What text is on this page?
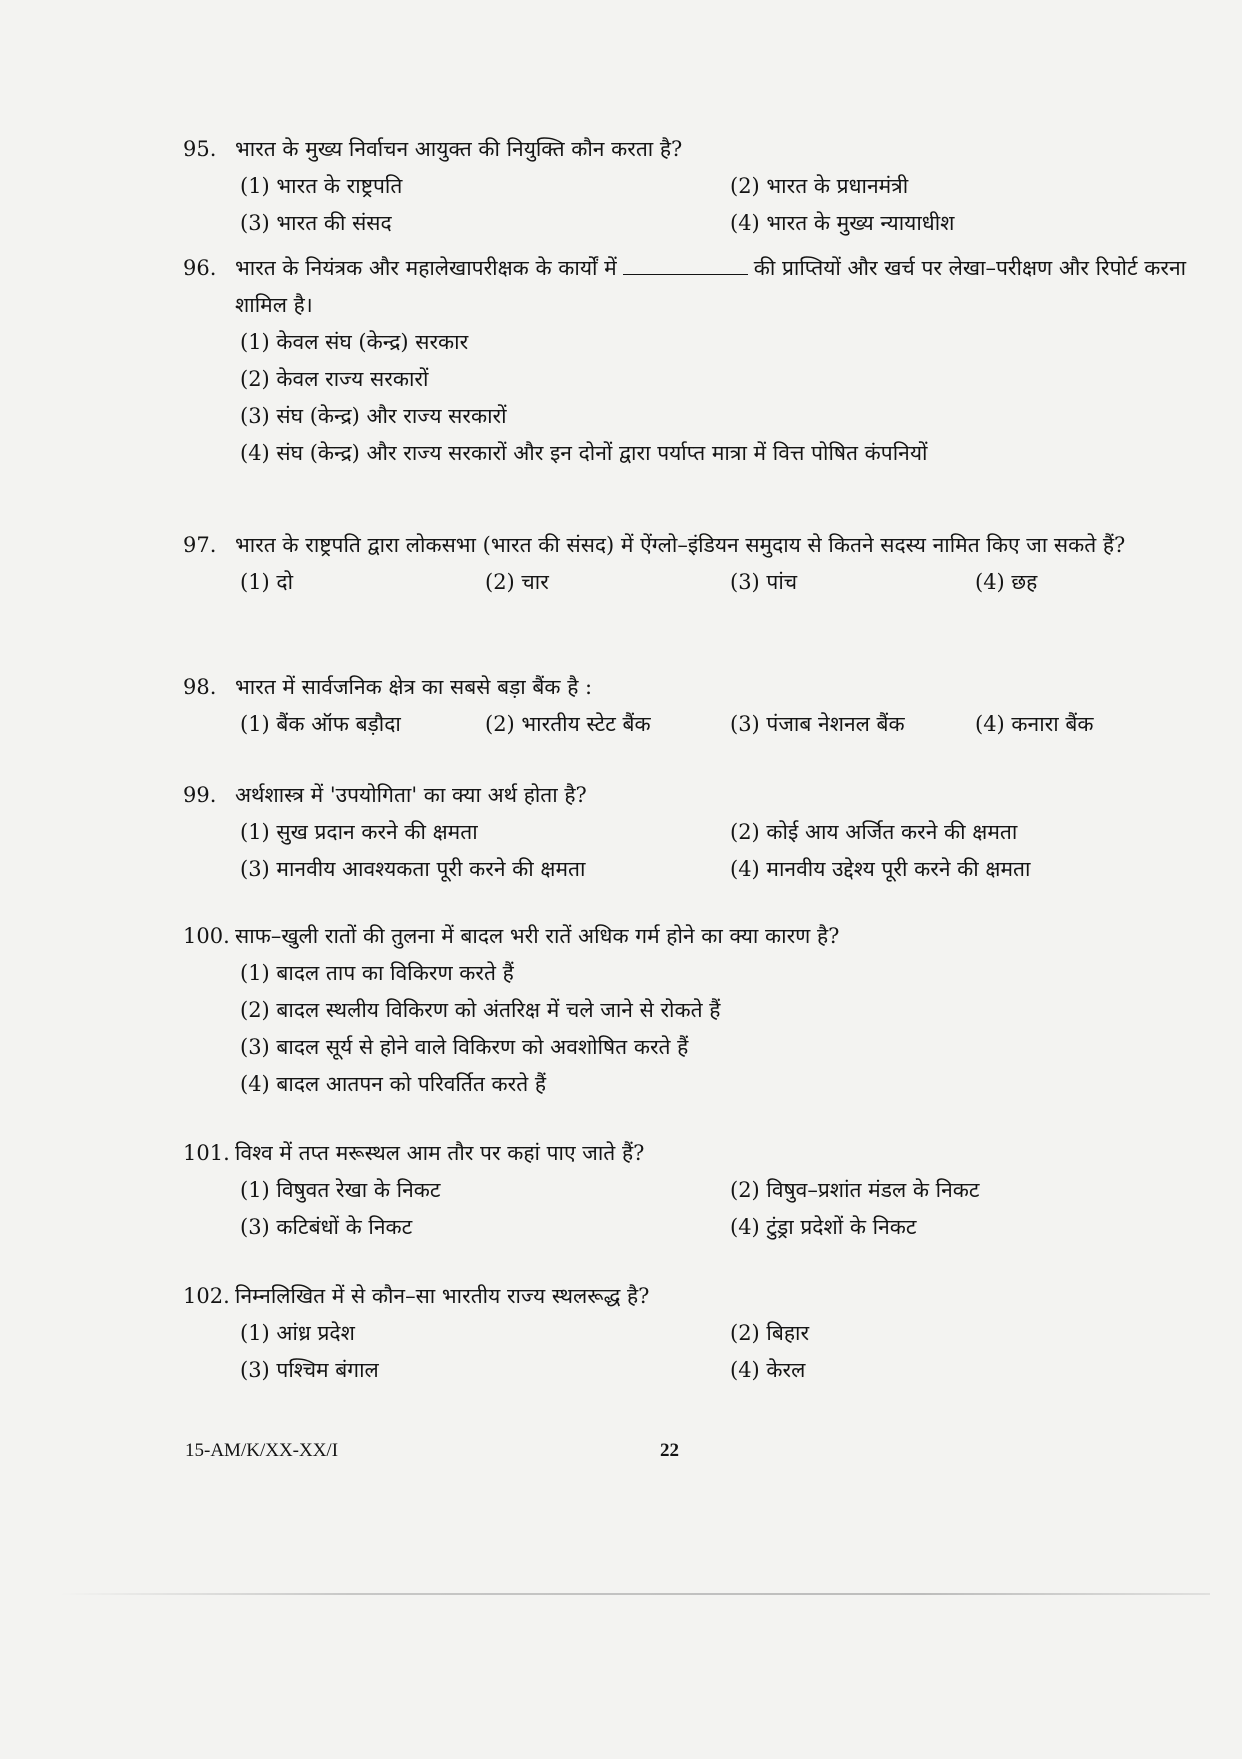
95. भारत के मुख्य निर्वाचन आयुक्त की नियुक्ति कौन करता है?
(1) भारत के राष्ट्रपति	(2) भारत के प्रधानमंत्री
(3) भारत की संसद	(4) भारत के मुख्य न्यायाधीश
96. भारत के नियंत्रक और महालेखापरीक्षक के कार्यों में	की प्राप्तियों और खर्च पर लेखा–परीक्षण और रिपोर्ट करना शामिल है।
(1) केवल संघ (केन्द्र) सरकार
(2) केवल राज्य सरकारों
(3) संघ (केन्द्र) और राज्य सरकारों
(4) संघ (केन्द्र) और राज्य सरकारों और इन दोनों द्वारा पर्याप्त मात्रा में वित्त पोषित कंपनियों
97. भारत के राष्ट्रपति द्वारा लोकसभा (भारत की संसद) में ऐंग्लो–इंडियन समुदाय से कितने सदस्य नामित किए जा सकते हैं?
(1) दो	(2) चार	(3) पांच	(4) छह
98. भारत में सार्वजनिक क्षेत्र का सबसे बड़ा बैंक है :
(1) बैंक ऑफ बड़ौदा	(2) भारतीय स्टेट बैंक	(3) पंजाब नेशनल बैंक	(4) कनारा बैंक
99. अर्थशास्त्र में 'उपयोगिता' का क्या अर्थ होता है?
(1) सुख प्रदान करने की क्षमता	(2) कोई आय अर्जित करने की क्षमता
(3) मानवीय आवश्यकता पूरी करने की क्षमता	(4) मानवीय उद्देश्य पूरी करने की क्षमता
100. साफ–खुली रातों की तुलना में बादल भरी रातें अधिक गर्म होने का क्या कारण है?
(1) बादल ताप का विकिरण करते हैं
(2) बादल स्थलीय विकिरण को अंतरिक्ष में चले जाने से रोकते हैं
(3) बादल सूर्य से होने वाले विकिरण को अवशोषित करते हैं
(4) बादल आतपन को परिवर्तित करते हैं
101. विश्व में तप्त मरूस्थल आम तौर पर कहां पाए जाते हैं?
(1) विषुवत रेखा के निकट	(2) विषुव–प्रशांत मंडल के निकट
(3) कटिबंधों के निकट	(4) टुंड्रा प्रदेशों के निकट
102. निम्नलिखित में से कौन–सा भारतीय राज्य स्थलरूद्ध है?
(1) आंध्र प्रदेश	(2) बिहार
(3) पश्चिम बंगाल	(4) केरल
15-AM/K/XX-XX/I	22
